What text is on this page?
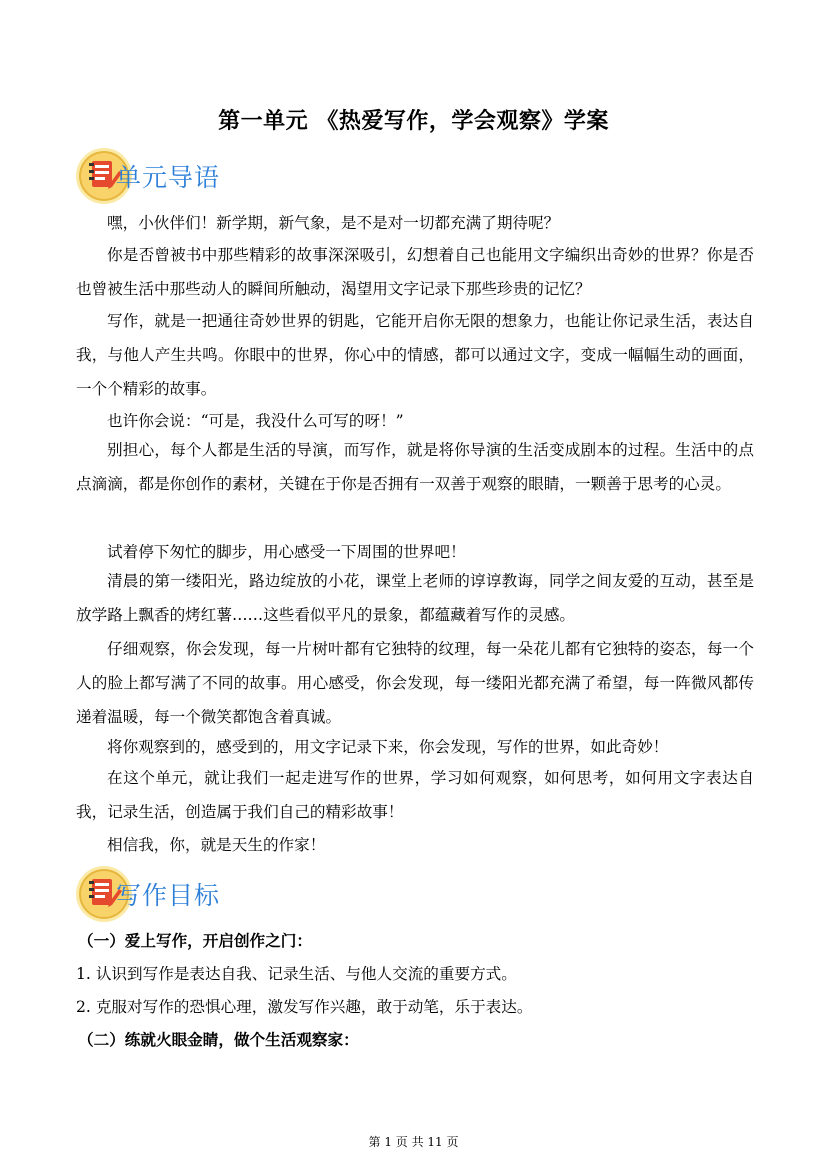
第一单元 《热爱写作，学会观察》学案
单元导语
嘿，小伙伴们！新学期，新气象，是不是对一切都充满了期待呢？
你是否曾被书中那些精彩的故事深深吸引，幻想着自己也能用文字编织出奇妙的世界？你是否也曾被生活中那些动人的瞬间所触动，渴望用文字记录下那些珍贵的记忆？
写作，就是一把通往奇妙世界的钥匙，它能开启你无限的想象力，也能让你记录生活，表达自我，与他人产生共鸣。你眼中的世界，你心中的情感，都可以通过文字，变成一幅幅生动的画面，一个个精彩的故事。
也许你会说：“可是，我没什么可写的呀！”
别担心，每个人都是生活的导演，而写作，就是将你导演的生活变成剧本的过程。生活中的点点滴滴，都是你创作的素材，关键在于你是否拥有一双善于观察的眼睛，一颗善于思考的心灵。
试着停下匆忙的脚步，用心感受一下周围的世界吧！
清晨的第一缕阳光，路边绽放的小花，课堂上老师的谆谆教诲，同学之间友爱的互动，甚至是放学路上飘香的烤红薯……这些看似平凡的景象，都蕴藏着写作的灵感。
仔细观察，你会发现，每一片树叶都有它独特的纹理，每一朵花儿都有它独特的姿态，每一个人的脸上都写满了不同的故事。用心感受，你会发现，每一缕阳光都充满了希望，每一阵微风都传递着温暖，每一个微笑都饱含着真诚。
将你观察到的，感受到的，用文字记录下来，你会发现，写作的世界，如此奇妙！
在这个单元，就让我们一起走进写作的世界，学习如何观察，如何思考，如何用文字表达自我，记录生活，创造属于我们自己的精彩故事！
相信我，你，就是天生的作家！
写作目标
（一）爱上写作，开启创作之门：
1. 认识到写作是表达自我、记录生活、与他人交流的重要方式。
2. 克服对写作的恐惧心理，激发写作兴趣，敢于动笔，乐于表达。
（二）练就火眼金睛，做个生活观察家：
第 1 页 共 11 页
